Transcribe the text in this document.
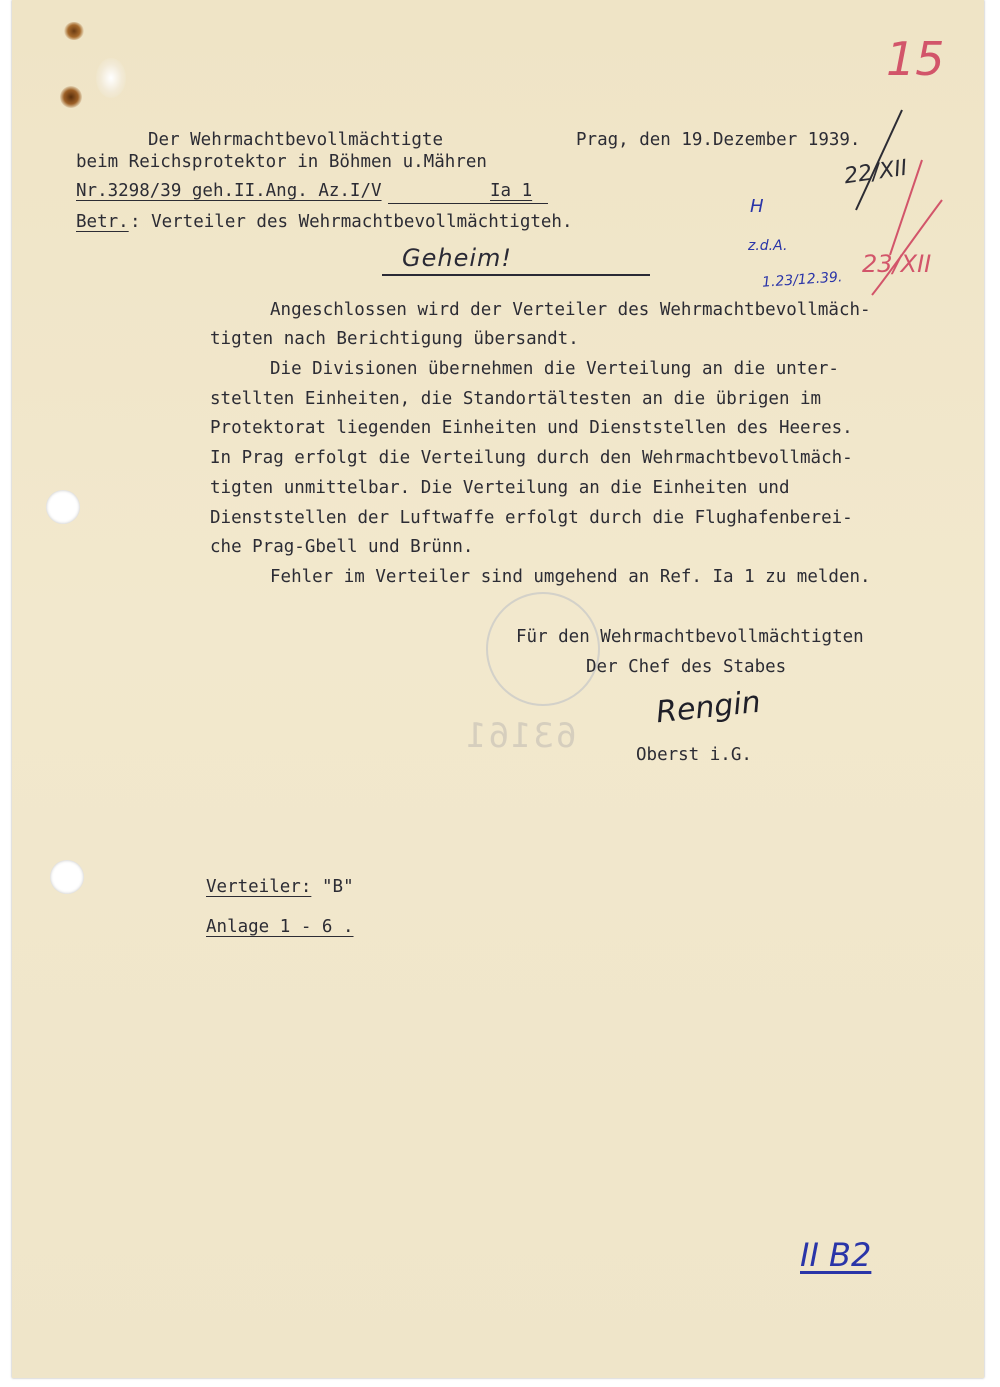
63161
15
Der Wehrmachtbevollmächtigte	Prag, den 19.Dezember 1939.
beim Reichsprotektor in Böhmen u.Mähren
Nr.3298/39 geh.II.Ang. Az.I/V	Ia 1
Betr. : Verteiler des Wehrmachtbevollmächtigteh.
Geheim!
22/XII
23/XII
H
z.d.A.
1.23/12.39.
Angeschlossen wird der Verteiler des Wehrmachtbevollmäch-
tigten nach Berichtigung übersandt.
Die Divisionen übernehmen die Verteilung an die unter-
stellten Einheiten, die Standortältesten an die übrigen im
Protektorat liegenden Einheiten und Dienststellen des Heeres.
In Prag erfolgt die Verteilung durch den Wehrmachtbevollmäch-
tigten unmittelbar. Die Verteilung an die Einheiten und
Dienststellen der Luftwaffe erfolgt durch die Flughafenberei-
che Prag-Gbell und Brünn.
Fehler im Verteiler sind umgehend an Ref. Ia 1 zu melden.
Für den Wehrmachtbevollmächtigten
Der Chef des Stabes
Rengin
Oberst i.G.
Verteiler: "B"
Anlage 1 - 6 .
II B2
